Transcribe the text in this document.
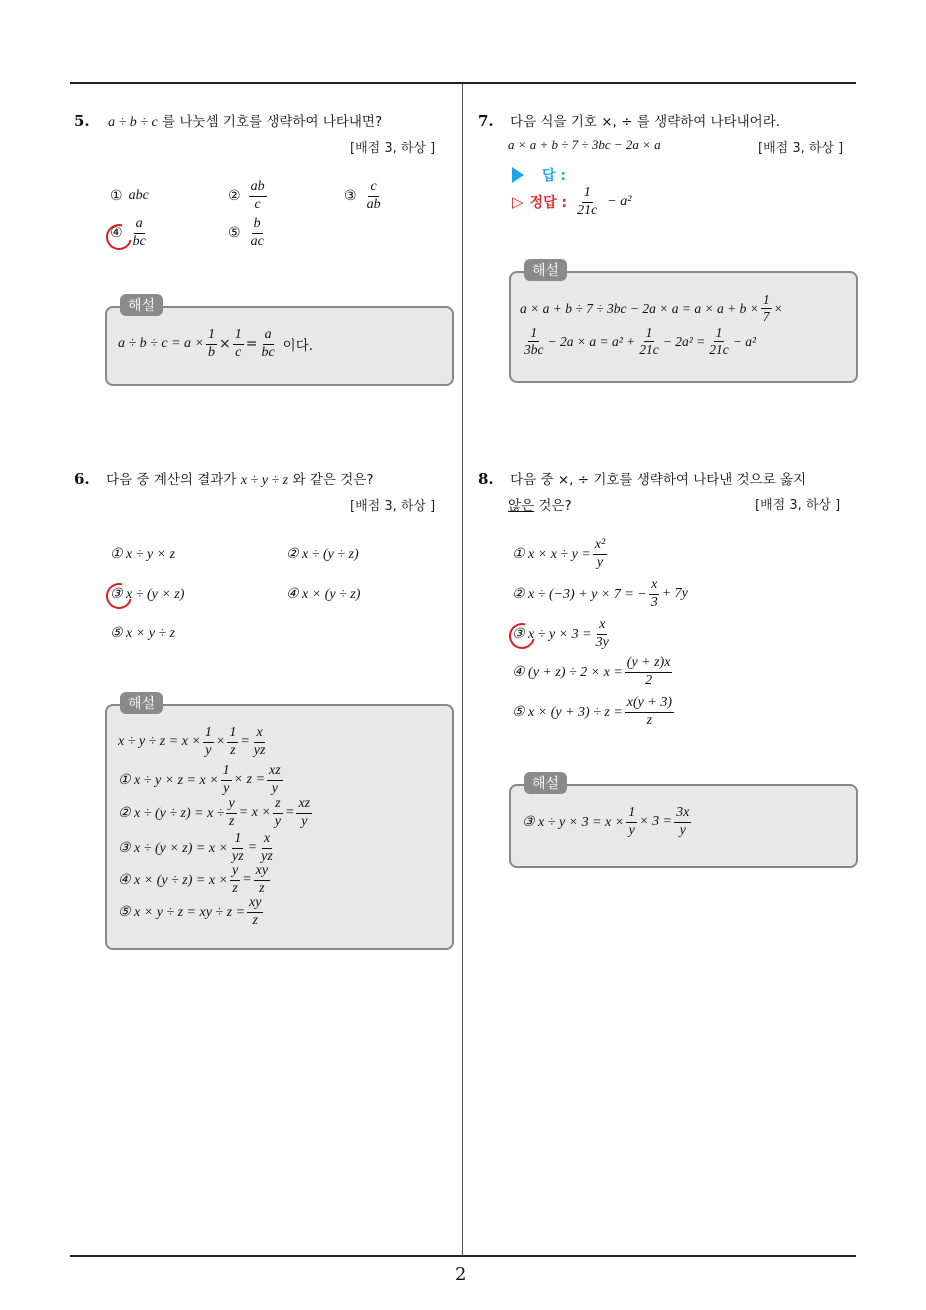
2
5. a ÷ b ÷ c 를 나눗셈 기호를 생략하여 나타내면?
[배점 3, 하상 ]
① abc	② $\frac{ab}{c}$	③ $\frac{c}{ab}$
④ $\frac{a}{bc}$	⑤ $\frac{b}{ac}$
해설
$a \div b \div c = a \times \frac{1}{b} \times \frac{1}{c} = \frac{a}{bc}$ 이다.
6. 다음 중 계산의 결과가 x ÷ y ÷ z 와 같은 것은?
[배점 3, 하상 ]
① x ÷ y × z	② x ÷ (y ÷ z)
③ x ÷ (y × z)	④ x × (y ÷ z)
⑤ x × y ÷ z
해설
$x \div y \div z = x \times \frac{1}{y} \times \frac{1}{z} = \frac{x}{yz}$
① $x \div y \times z = x \times \frac{1}{y} \times z = \frac{xz}{y}$
② $x \div (y \div z) = x \div \frac{y}{z} = x \times \frac{z}{y} = \frac{xz}{y}$
③ $x \div (y \times z) = x \times \frac{1}{yz} = \frac{x}{yz}$
④ $x \times (y \div z) = x \times \frac{y}{z} = \frac{xy}{z}$
⑤ x × y ÷ z = xy ÷ $z = \frac{xy}{z}$
7. 다음 식을 기호 ×, ÷ 를 생략하여 나타내어라.
a × a + b ÷ 7 ÷ 3bc − 2a × a	[배점 3, 하상 ]
답 :
▷ 정답 : $\frac{1}{21c} - a^2$
해설
$a \times a + b \div 7 \div 3bc - 2a \times a = a \times a + b \times \frac{1}{7}$ ×
$\frac{1}{3bc} - 2a \times a = a^2 + \frac{1}{21c} - 2a^2 = \frac{1}{21c} - a^2$
8. 다음 중 ×, ÷ 기호를 생략하여 나타낸 것으로 옳지
않은 것은?	[배점 3, 하상 ]
① $x \times x \div y = \frac{\text{x²}}{y}$
② x ÷ (−3) + y × 7 = − $\frac{x}{3} + 7y$
③ $x \div y \times 3 = \frac{x}{3y}$
④ $(y + z) \div 2 \times x = \frac{(y + z)x}{2}$
⑤ $x \times (y + 3) \div z = \frac{x(y + 3)}{z}$
해설
③ $x \div y \times 3 = x \times \frac{1}{y} \times 3 = \frac{3x}{y}$
